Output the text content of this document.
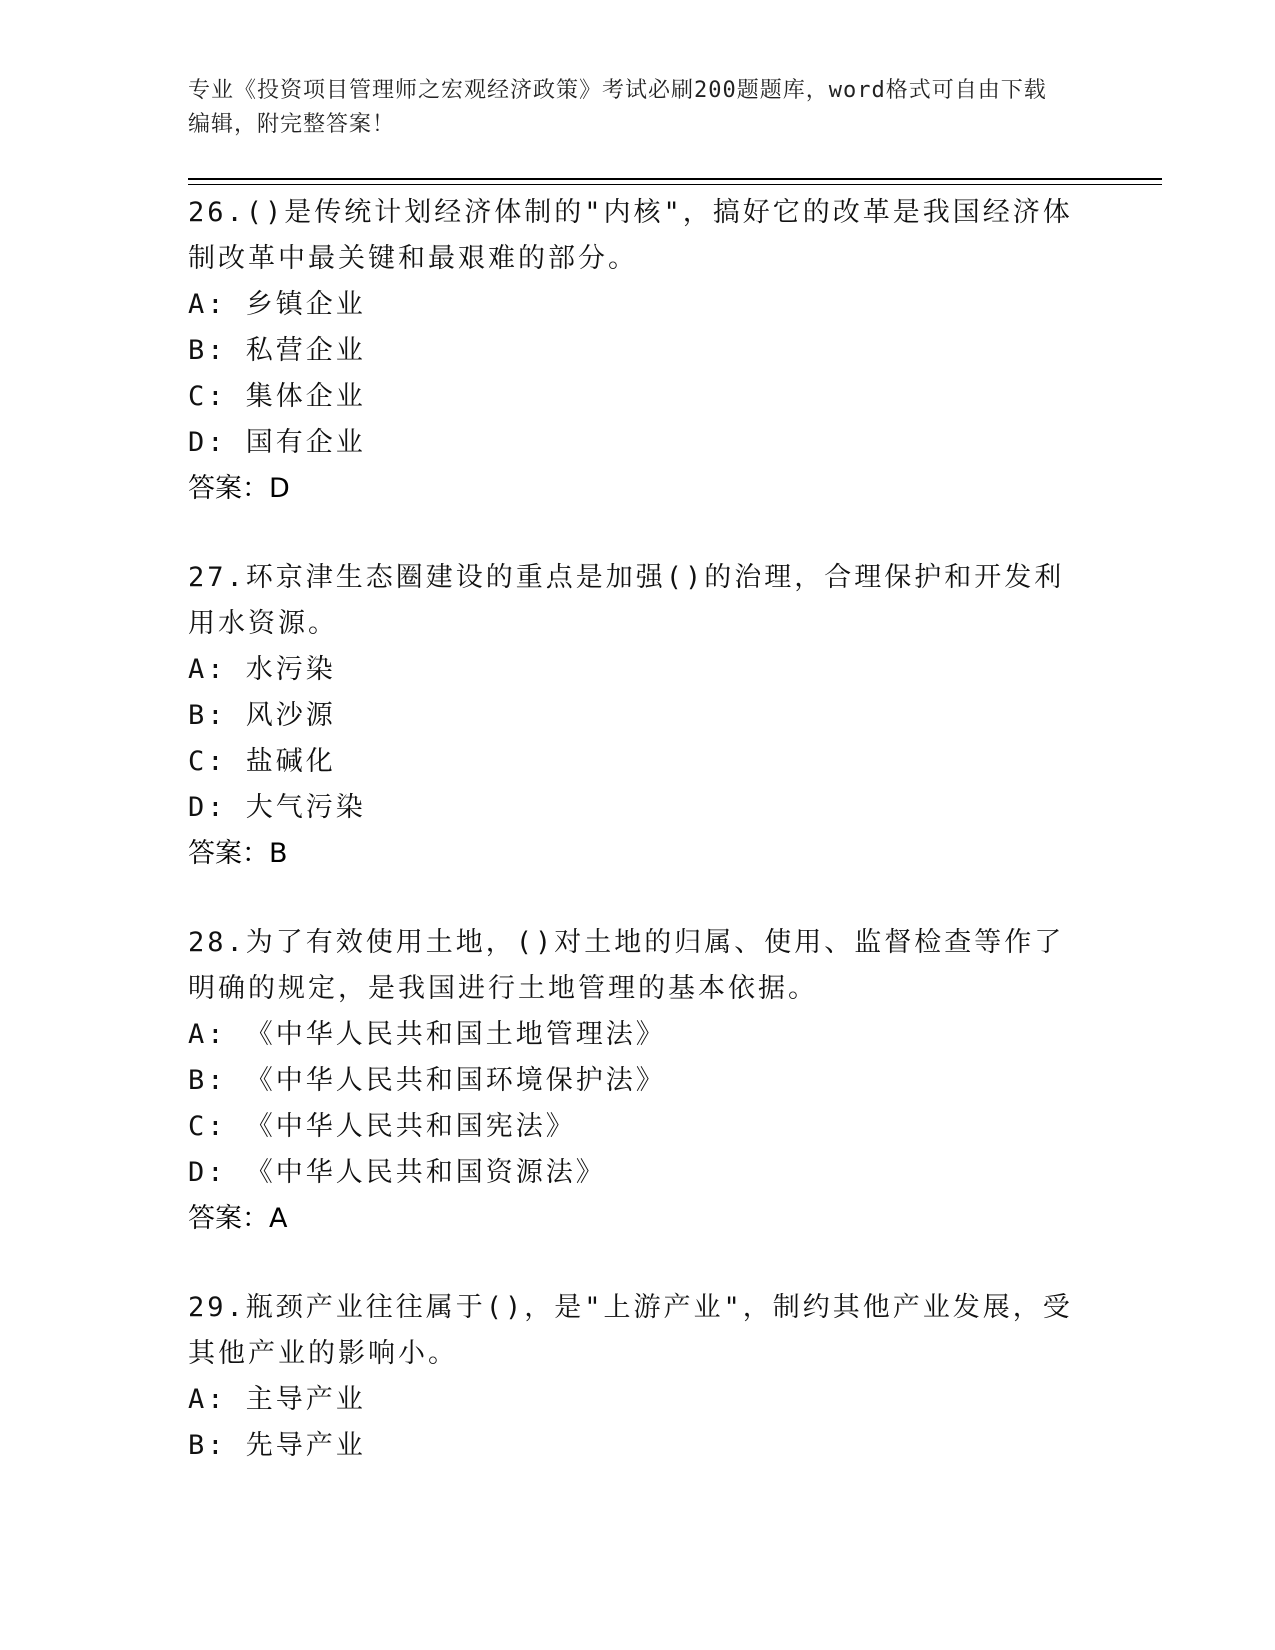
专业《投资项目管理师之宏观经济政策》考试必刷200题题库，word格式可自由下载编辑，附完整答案！
26.()是传统计划经济体制的"内核"，搞好它的改革是我国经济体制改革中最关键和最艰难的部分。
A: 乡镇企业
B: 私营企业
C: 集体企业
D: 国有企业
答案：D
27.环京津生态圈建设的重点是加强()的治理，合理保护和开发利用水资源。
A: 水污染
B: 风沙源
C: 盐碱化
D: 大气污染
答案：B
28.为了有效使用土地，()对土地的归属、使用、监督检查等作了明确的规定，是我国进行土地管理的基本依据。
A: 《中华人民共和国土地管理法》
B: 《中华人民共和国环境保护法》
C: 《中华人民共和国宪法》
D: 《中华人民共和国资源法》
答案：A
29.瓶颈产业往往属于()，是"上游产业"，制约其他产业发展，受其他产业的影响小。
A: 主导产业
B: 先导产业
